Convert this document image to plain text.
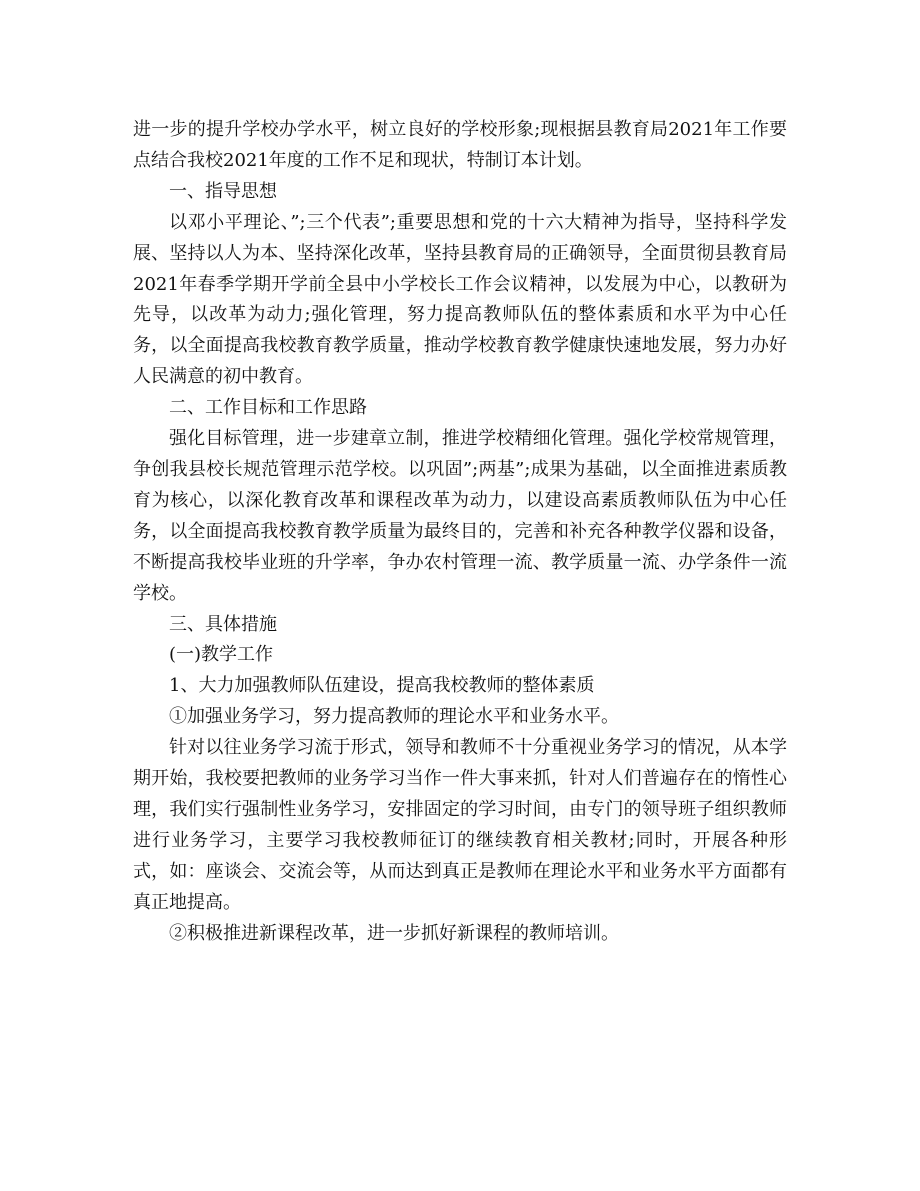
进一步的提升学校办学水平，树立良好的学校形象;现根据县教育局2021年工作要点结合我校2021年度的工作不足和现状，特制订本计划。

一、指导思想

以邓小平理论、”;三个代表”;重要思想和党的十六大精神为指导，坚持科学发展、坚持以人为本、坚持深化改革，坚持县教育局的正确领导，全面贯彻县教育局2021年春季学期开学前全县中小学校长工作会议精神，以发展为中心，以教研为先导，以改革为动力;强化管理，努力提高教师队伍的整体素质和水平为中心任务，以全面提高我校教育教学质量，推动学校教育教学健康快速地发展，努力办好人民满意的初中教育。

二、工作目标和工作思路

强化目标管理，进一步建章立制，推进学校精细化管理。强化学校常规管理，争创我县校长规范管理示范学校。以巩固”;两基”;成果为基础，以全面推进素质教育为核心，以深化教育改革和课程改革为动力，以建设高素质教师队伍为中心任务，以全面提高我校教育教学质量为最终目的，完善和补充各种教学仪器和设备，不断提高我校毕业班的升学率，争办农村管理一流、教学质量一流、办学条件一流学校。

三、具体措施

(一)教学工作

1、大力加强教师队伍建设，提高我校教师的整体素质

①加强业务学习，努力提高教师的理论水平和业务水平。

针对以往业务学习流于形式，领导和教师不十分重视业务学习的情况，从本学期开始，我校要把教师的业务学习当作一件大事来抓，针对人们普遍存在的惰性心理，我们实行强制性业务学习，安排固定的学习时间，由专门的领导班子组织教师进行业务学习，主要学习我校教师征订的继续教育相关教材;同时，开展各种形式，如：座谈会、交流会等，从而达到真正是教师在理论水平和业务水平方面都有真正地提高。

②积极推进新课程改革，进一步抓好新课程的教师培训。
